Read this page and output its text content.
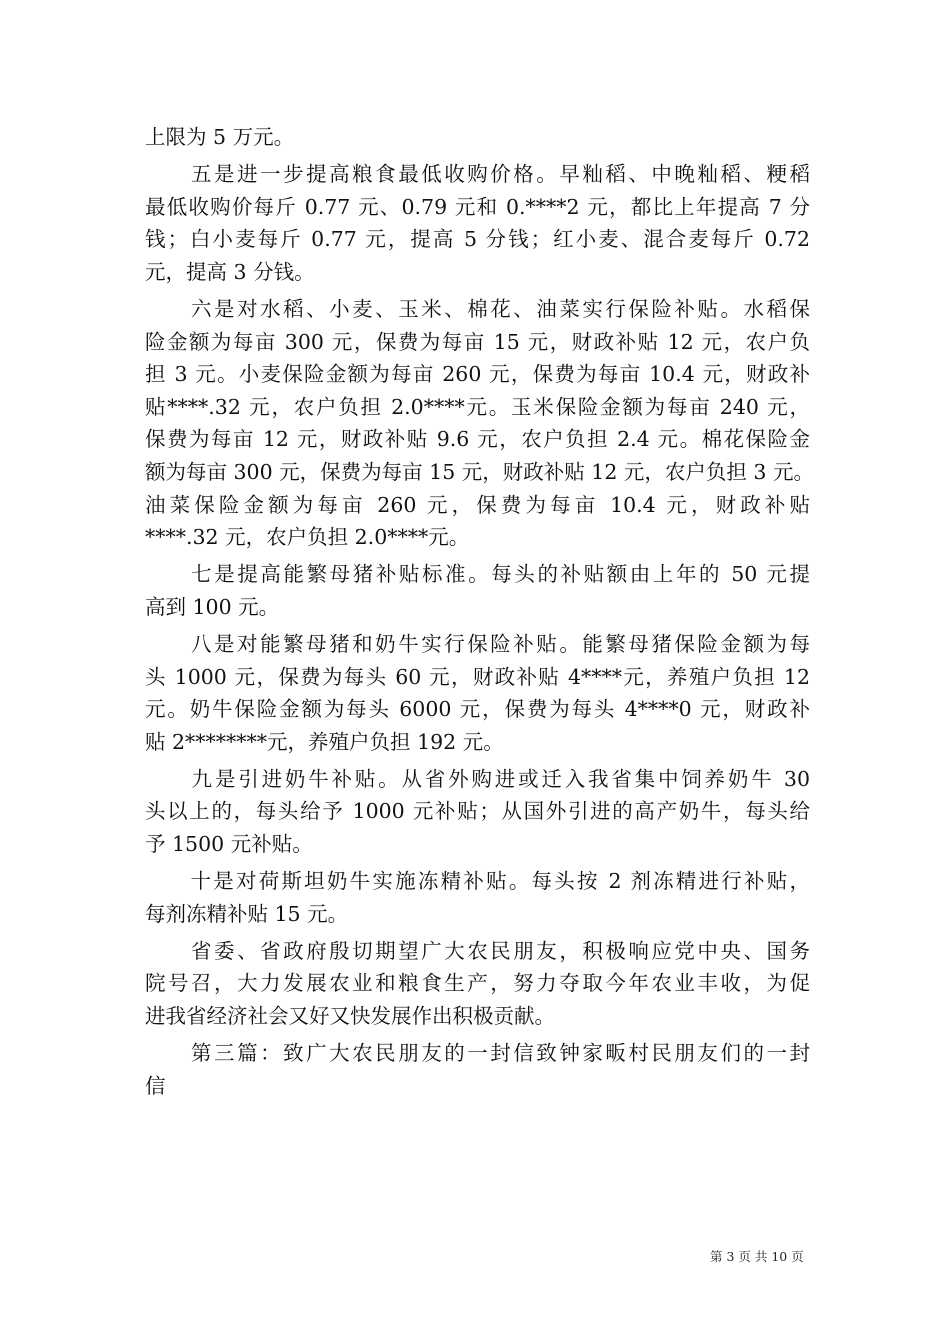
上限为 5 万元。
　　五是进一步提高粮食最低收购价格。早籼稻、中晚籼稻、粳稻
最低收购价每斤 0.77 元、0.79 元和 0.****2 元，都比上年提高 7 分
钱；白小麦每斤 0.77 元，提高 5 分钱；红小麦、混合麦每斤 0.72
元，提高 3 分钱。
　　六是对水稻、小麦、玉米、棉花、油菜实行保险补贴。水稻保
险金额为每亩 300 元，保费为每亩 15 元，财政补贴 12 元，农户负
担 3 元。小麦保险金额为每亩 260 元，保费为每亩 10.4 元，财政补
贴****.32 元，农户负担 2.0****元。玉米保险金额为每亩 240 元，
保费为每亩 12 元，财政补贴 9.6 元，农户负担 2.4 元。棉花保险金
额为每亩 300 元，保费为每亩 15 元，财政补贴 12 元，农户负担 3 元。
油菜保险金额为每亩 260 元，保费为每亩 10.4 元，财政补贴
****.32 元，农户负担 2.0****元。
　　七是提高能繁母猪补贴标准。每头的补贴额由上年的 50 元提
高到 100 元。
　　八是对能繁母猪和奶牛实行保险补贴。能繁母猪保险金额为每
头 1000 元，保费为每头 60 元，财政补贴 4****元，养殖户负担 12
元。奶牛保险金额为每头 6000 元，保费为每头 4****0 元，财政补
贴 2********元，养殖户负担 192 元。
　　九是引进奶牛补贴。从省外购进或迁入我省集中饲养奶牛 30
头以上的，每头给予 1000 元补贴；从国外引进的高产奶牛，每头给
予 1500 元补贴。
　　十是对荷斯坦奶牛实施冻精补贴。每头按 2 剂冻精进行补贴，
每剂冻精补贴 15 元。
　　省委、省政府殷切期望广大农民朋友，积极响应党中央、国务
院号召，大力发展农业和粮食生产，努力夺取今年农业丰收，为促
进我省经济社会又好又快发展作出积极贡献。
　　第三篇：致广大农民朋友的一封信致钟家畈村民朋友们的一封
信
第 3 页 共 10 页
